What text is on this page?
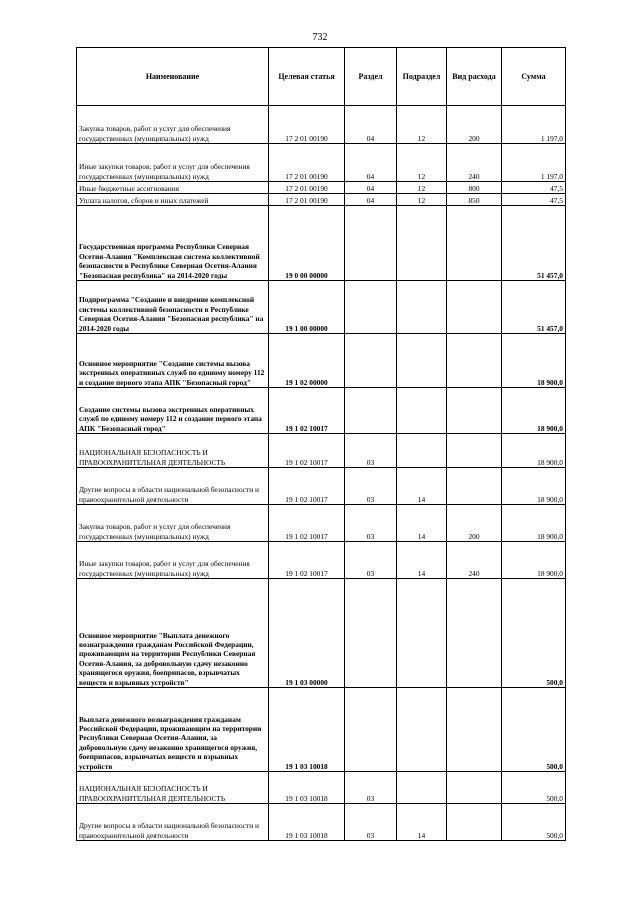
732
Наименование	Целевая статья	Раздел	Подраздел	Вид расхода	Сумма
Закупка товаров, работ и услуг для обеспечения государственных (муниципальных) нужд	17 2 01 00190	04	12	200	1 197,0
Иные закупки товаров, работ и услуг для обеспечения государственных (муниципальных) нужд	17 2 01 00190	04	12	240	1 197,0
Иные бюджетные ассигнования	17 2 01 00190	04	12	800	47,5
Уплата налогов, сборов и иных платежей	17 2 01 00190	04	12	850	47,5
Государственная программа Республики Северная Осетия-Алания "Комплексная система коллективной безопасности в Республике Северная Осетия-Алания "Безопасная республика" на 2014-2020 годы	19 0 00 00000				51 457,0
Подпрограмма "Создание и внедрение комплексной системы коллективной безопасности в Республике Северная Осетия-Алания "Безопасная республика" на 2014-2020 годы	19 1 00 00000				51 457,0
Основное мероприятие "Создание системы вызова экстренных оперативных служб по единому номеру 112 и создание первого этапа АПК "Безопасный город"	19 1 02 00000				18 900,0
Создание системы вызова экстренных оперативных служб по единому номеру 112 и создание первого этапа АПК "Безопасный город"	19 1 02 10017				18 900,0
НАЦИОНАЛЬНАЯ БЕЗОПАСНОСТЬ И ПРАВООХРАНИТЕЛЬНАЯ ДЕЯТЕЛЬНОСТЬ	19 1 02 10017	03			18 900,0
Другие вопросы в области национальной безопасности и правоохранительной деятельности	19 1 02 10017	03	14		18 900,0
Закупка товаров, работ и услуг для обеспечения государственных (муниципальных) нужд	19 1 02 10017	03	14	200	18 900,0
Иные закупки товаров, работ и услуг для обеспечения государственных (муниципальных) нужд	19 1 02 10017	03	14	240	18 900,0
Основное мероприятие "Выплата денежного вознаграждения гражданам Российской Федерации, проживающим на территории Республики Северная Осетия-Алания, за добровольную сдачу незаконно хранящегося оружия, боеприпасов, взрывчатых веществ и взрывных устройств"	19 1 03 00000				500,0
Выплата денежного вознаграждения гражданам Российской Федерации, проживающим на территории Республики Северная Осетия-Алания, за добровольную сдачу незаконно хранящегося оружия, боеприпасов, взрывчатых веществ и взрывных устройств	19 1 03 10018				500,0
НАЦИОНАЛЬНАЯ БЕЗОПАСНОСТЬ И ПРАВООХРАНИТЕЛЬНАЯ ДЕЯТЕЛЬНОСТЬ	19 1 03 10018	03			500,0
Другие вопросы в области национальной безопасности и правоохранительной деятельности	19 1 03 10018	03	14		500,0
